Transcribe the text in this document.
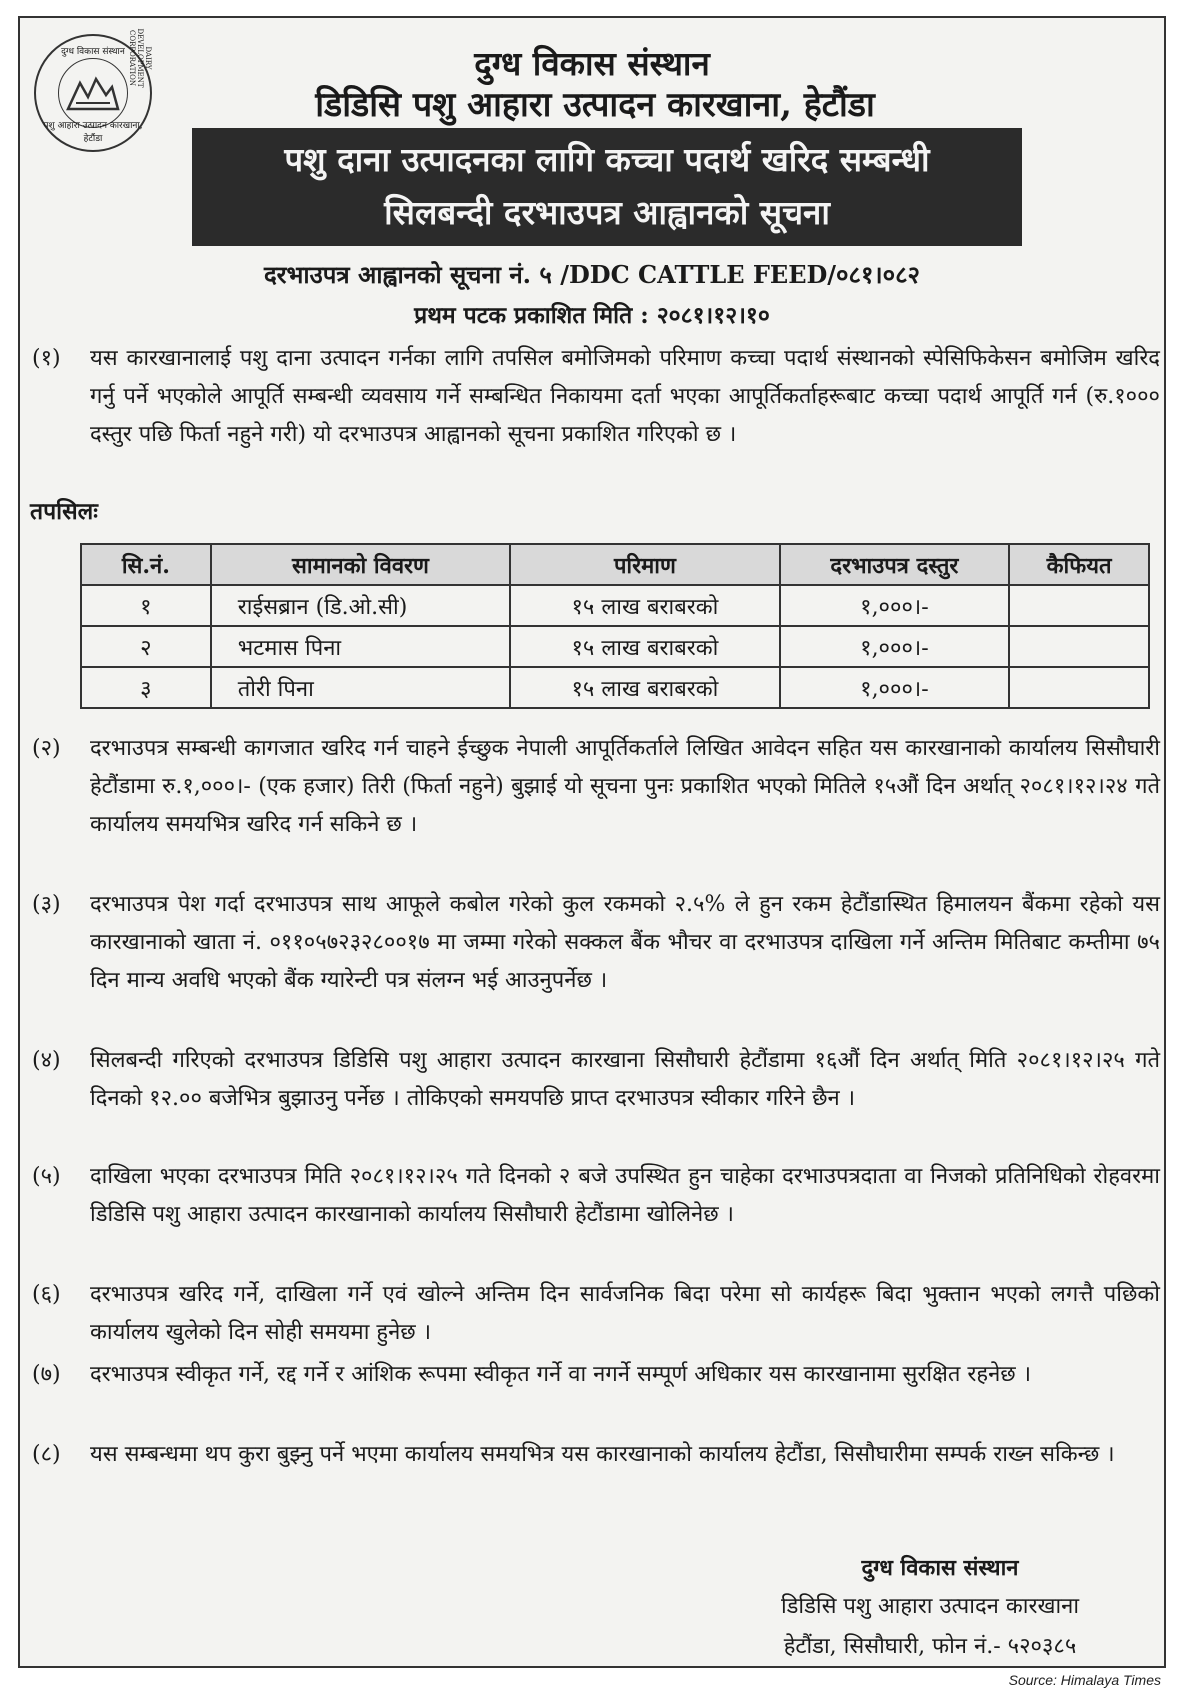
दुग्ध विकास संस्थान	DAIRY DEVELOPMENT CORPORATION
पशु आहारा उत्पादन कारखाना, हेटौंडा
दुग्ध विकास संस्थान
डिडिसि पशु आहारा उत्पादन कारखाना, हेटौंडा
पशु दाना उत्पादनका लागि कच्चा पदार्थ खरिद सम्बन्धी
सिलबन्दी दरभाउपत्र आह्वानको सूचना
दरभाउपत्र आह्वानको सूचना नं. ५ /DDC CATTLE FEED/०८१।०८२
प्रथम पटक प्रकाशित मिति : २०८१।१२।१०
(१)	यस कारखानालाई पशु दाना उत्पादन गर्नका लागि तपसिल बमोजिमको परिमाण कच्चा पदार्थ संस्थानको स्पेसिफिकेसन बमोजिम खरिद गर्नु पर्ने भएकोले आपूर्ति सम्बन्धी व्यवसाय गर्ने सम्बन्धित निकायमा दर्ता भएका आपूर्तिकर्ताहरूबाट कच्चा पदार्थ आपूर्ति गर्न (रु.१००० दस्तुर पछि फिर्ता नहुने गरी) यो दरभाउपत्र आह्वानको सूचना प्रकाशित गरिएको छ ।
तपसिलः
सि.नं.	सामानको विवरण	परिमाण	दरभाउपत्र दस्तुर	कैफियत
१	राईसब्रान (डि.ओ.सी)	१५ लाख बराबरको	१,०००।-	
२	भटमास पिना	१५ लाख बराबरको	१,०००।-	
३	तोरी पिना	१५ लाख बराबरको	१,०००।-	
(२)	दरभाउपत्र सम्बन्धी कागजात खरिद गर्न चाहने ईच्छुक नेपाली आपूर्तिकर्ताले लिखित आवेदन सहित यस कारखानाको कार्यालय सिसौघारी हेटौंडामा रु.१,०००।- (एक हजार) तिरी (फिर्ता नहुने) बुझाई यो सूचना पुनः प्रकाशित भएको मितिले १५औं दिन अर्थात् २०८१।१२।२४ गते कार्यालय समयभित्र खरिद गर्न सकिने छ ।
(३)	दरभाउपत्र पेश गर्दा दरभाउपत्र साथ आफूले कबोल गरेको कुल रकमको २.५% ले हुन रकम हेटौंडास्थित हिमालयन बैंकमा रहेको यस कारखानाको खाता नं. ०११०५७२३२८००१७ मा जम्मा गरेको सक्कल बैंक भौचर वा दरभाउपत्र दाखिला गर्ने अन्तिम मितिबाट कम्तीमा ७५ दिन मान्य अवधि भएको बैंक ग्यारेन्टी पत्र संलग्न भई आउनुपर्नेछ ।
(४)	सिलबन्दी गरिएको दरभाउपत्र डिडिसि पशु आहारा उत्पादन कारखाना सिसौघारी हेटौंडामा १६औं दिन अर्थात् मिति २०८१।१२।२५ गते दिनको १२.०० बजेभित्र बुझाउनु पर्नेछ । तोकिएको समयपछि प्राप्त दरभाउपत्र स्वीकार गरिने छैन ।
(५)	दाखिला भएका दरभाउपत्र मिति २०८१।१२।२५ गते दिनको २ बजे उपस्थित हुन चाहेका दरभाउपत्रदाता वा निजको प्रतिनिधिको रोहवरमा डिडिसि पशु आहारा उत्पादन कारखानाको कार्यालय सिसौघारी हेटौंडामा खोलिनेछ ।
(६)	दरभाउपत्र खरिद गर्ने, दाखिला गर्ने एवं खोल्ने अन्तिम दिन सार्वजनिक बिदा परेमा सो कार्यहरू बिदा भुक्तान भएको लगत्तै पछिको कार्यालय खुलेको दिन सोही समयमा हुनेछ ।
(७)	दरभाउपत्र स्वीकृत गर्ने, रद्द गर्ने र आंशिक रूपमा स्वीकृत गर्ने वा नगर्ने सम्पूर्ण अधिकार यस कारखानामा सुरक्षित रहनेछ ।
(८)	यस सम्बन्धमा थप कुरा बुझ्नु पर्ने भएमा कार्यालय समयभित्र यस कारखानाको कार्यालय हेटौंडा, सिसौघारीमा सम्पर्क राख्न सकिन्छ ।
दुग्ध विकास संस्थान
डिडिसि पशु आहारा उत्पादन कारखाना
हेटौंडा, सिसौघारी, फोन नं.- ५२०३८५
Source: Himalaya Times
